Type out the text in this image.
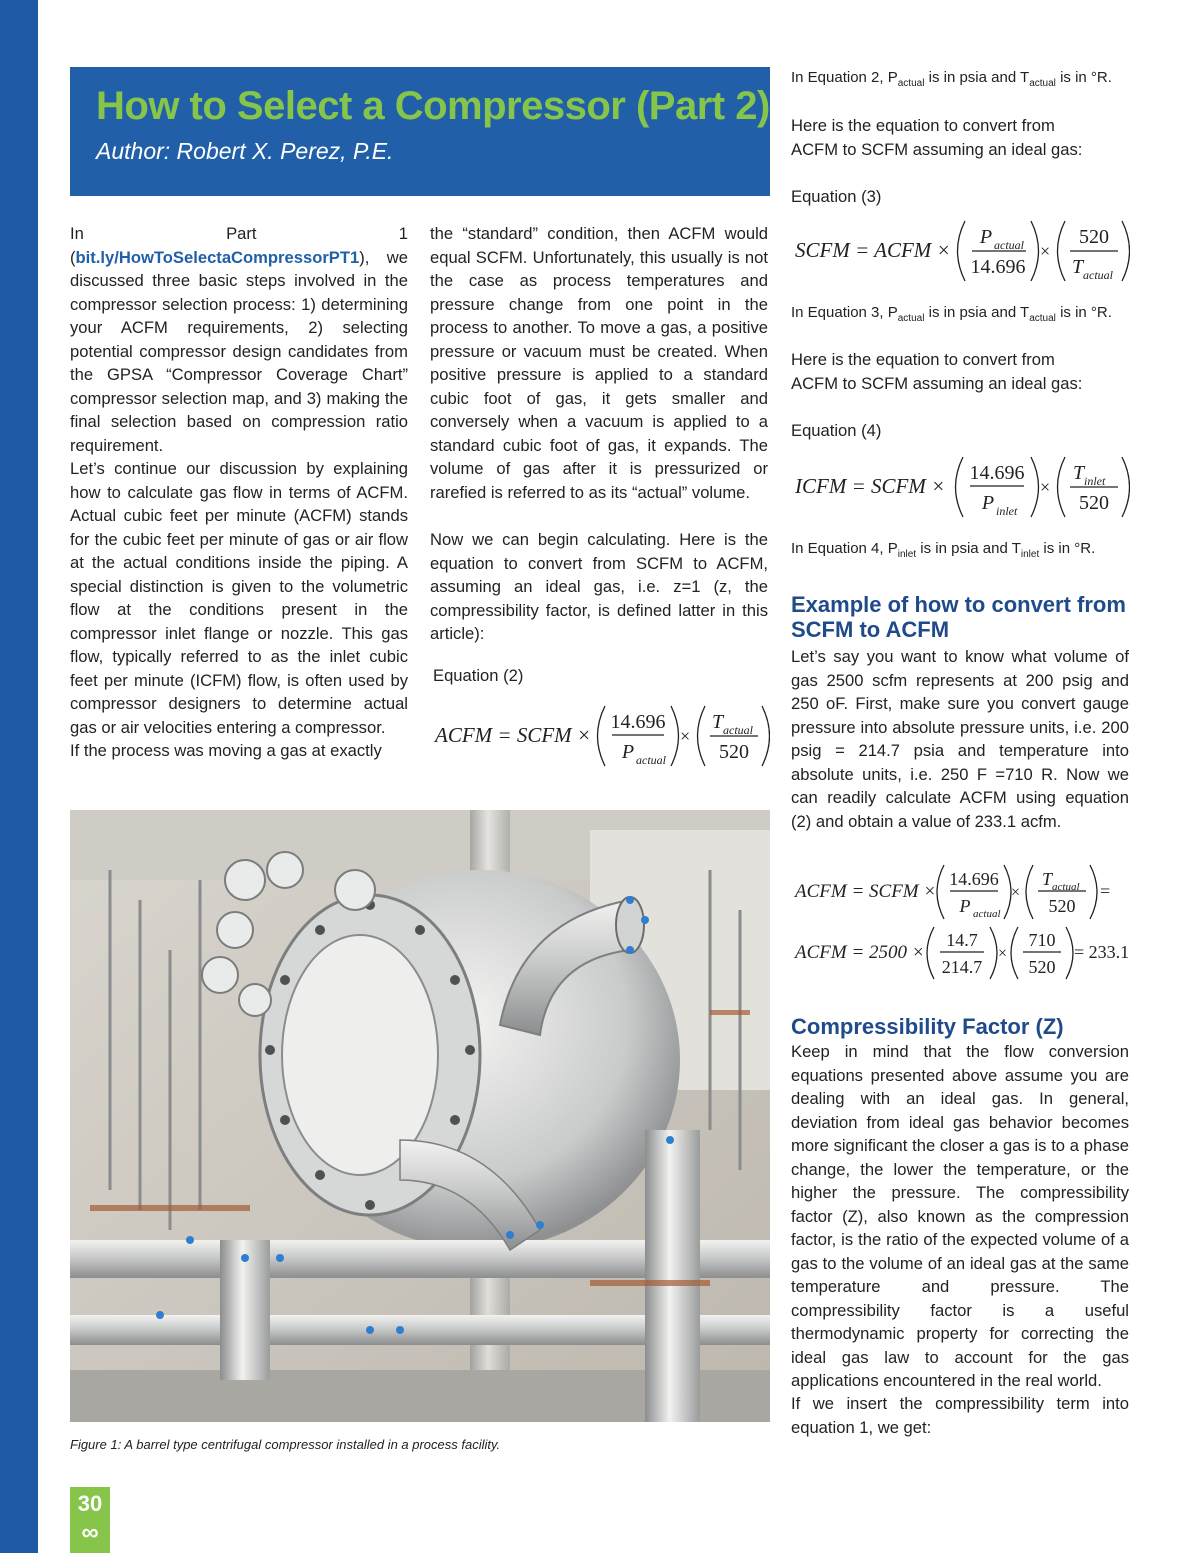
How to Select a Compressor (Part 2)

Author: Robert X. Perez, P.E.

In Part 1 (bit.ly/HowToSelectaCompressorPT1), we discussed three basic steps involved in the compressor selection process: 1) determining your ACFM requirements, 2) selecting potential compressor design candidates from the GPSA “Compressor Coverage Chart” compressor selection map, and 3) making the final selection based on compression ratio requirement.

Let’s continue our discussion by explaining how to calculate gas flow in terms of ACFM. Actual cubic feet per minute (ACFM) stands for the cubic feet per minute of gas or air flow at the actual conditions inside the piping. A special distinction is given to the volumetric flow at the conditions present in the compressor inlet flange or nozzle. This gas flow, typically referred to as the inlet cubic feet per minute (ICFM) flow, is often used by compressor designers to determine actual gas or air velocities entering a compressor.

If the process was moving a gas at exactly

the “standard” condition, then ACFM would equal SCFM. Unfortunately, this usually is not the case as process temperatures and pressure change from one point in the process to another. To move a gas, a positive pressure or vacuum must be created. When positive pressure is applied to a standard cubic foot of gas, it gets smaller and conversely when a vacuum is applied to a standard cubic foot of gas, it expands. The volume of gas after it is pressurized or rarefied is referred to as its “actual” volume.

Now we can begin calculating. Here is the equation to convert from SCFM to ACFM, assuming an ideal gas, i.e. z=1 (z, the compressibility factor, is defined latter in this article):

Equation (2)

ACFM = SCFM ×
14.696
P actual
×
T actual
520

Figure 1: A barrel type centrifugal compressor installed in a process facility.

In Equation 2, $P_{actual}$ is in psia and $T_{actual}$ is in °R.

Here is the equation to convert from ACFM to SCFM assuming an ideal gas:

Equation (3)

SCFM = ACFM ×
P actual
14.696
×
520
T actual

In Equation 3, $P_{actual}$ is in psia and $T_{actual}$ is in °R.

Here is the equation to convert from ACFM to SCFM assuming an ideal gas:

Equation (4)

ICFM = SCFM ×
14.696
P inlet
×
T inlet
520

In Equation 4, $P_{inlet}$ is in psia and $T_{inlet}$ is in °R.

Example of how to convert from SCFM to ACFM

Let’s say you want to know what volume of gas 2500 scfm represents at 200 psig and 250 oF. First, make sure you convert gauge pressure into absolute pressure units, i.e. 200 psig = 214.7 psia and temperature into absolute units, i.e. 250 F =710 R. Now we can readily calculate ACFM using equation (2) and obtain a value of 233.1 acfm.

ACFM = SCFM ×
14.696
P actual
×
T actual
520
=
ACFM = 2500 ×
14.7
214.7
×
710
520
= 233.1
Compressibility Factor (Z)

Keep in mind that the flow conversion equations presented above assume you are dealing with an ideal gas. In general, deviation from ideal gas behavior becomes more significant the closer a gas is to a phase change, the lower the temperature, or the higher the pressure. The compressibility factor (Z), also known as the compression factor, is the ratio of the expected volume of a gas to the volume of an ideal gas at the same temperature and pressure. The compressibility factor is a useful thermodynamic property for correcting the ideal gas law to account for the gas applications encountered in the real world.

If we insert the compressibility term into equation 1, we get:

30

∞
